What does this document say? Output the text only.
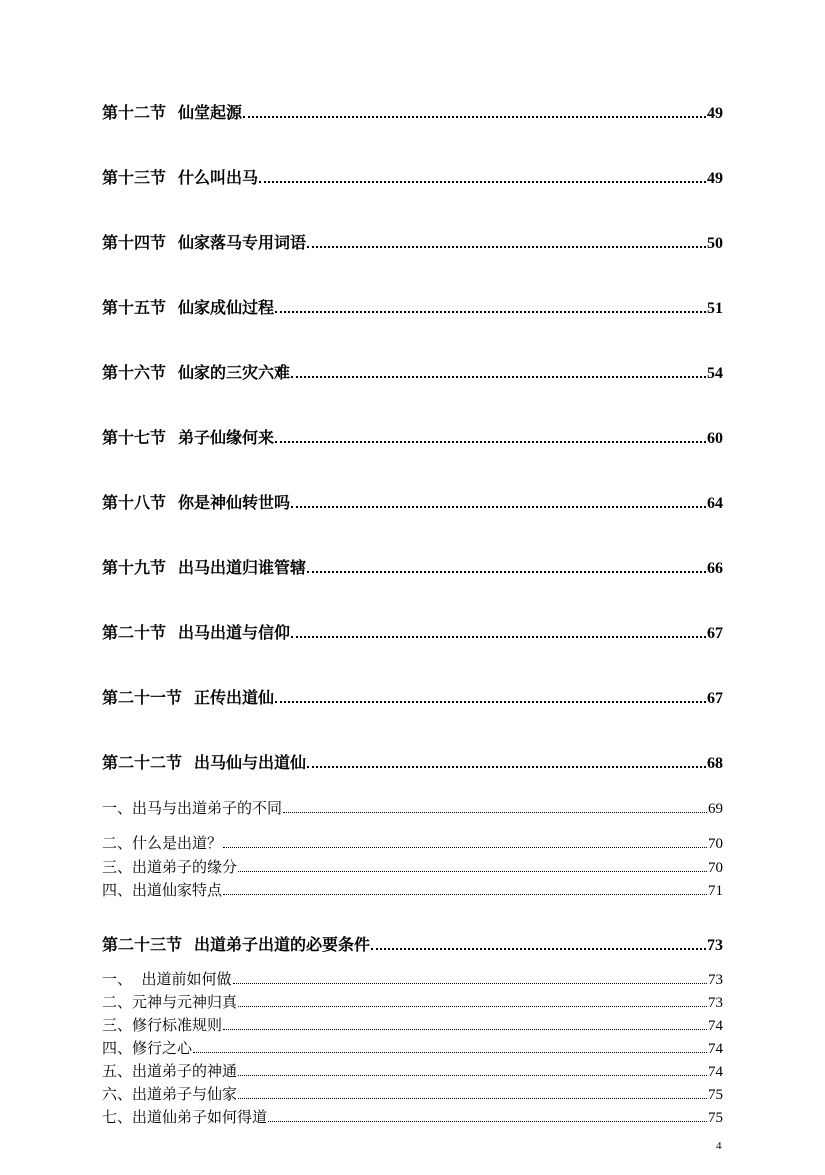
第十二节 仙堂起源	49
第十三节 什么叫出马	49
第十四节 仙家落马专用词语	50
第十五节 仙家成仙过程	51
第十六节 仙家的三灾六难	54
第十七节 弟子仙缘何来	60
第十八节 你是神仙转世吗	64
第十九节 出马出道归谁管辖	66
第二十节 出马出道与信仰	67
第二十一节 正传出道仙	67
第二十二节 出马仙与出道仙	68
一、出马与出道弟子的不同	69
二、什么是出道？	70
三、出道弟子的缘分	70
四、出道仙家特点	71
第二十三节 出道弟子出道的必要条件	73
一、  出道前如何做	73
二、元神与元神归真	73
三、修行标准规则	74
四、修行之心	74
五、出道弟子的神通	74
六、出道弟子与仙家	75
七、出道仙弟子如何得道	75
4
